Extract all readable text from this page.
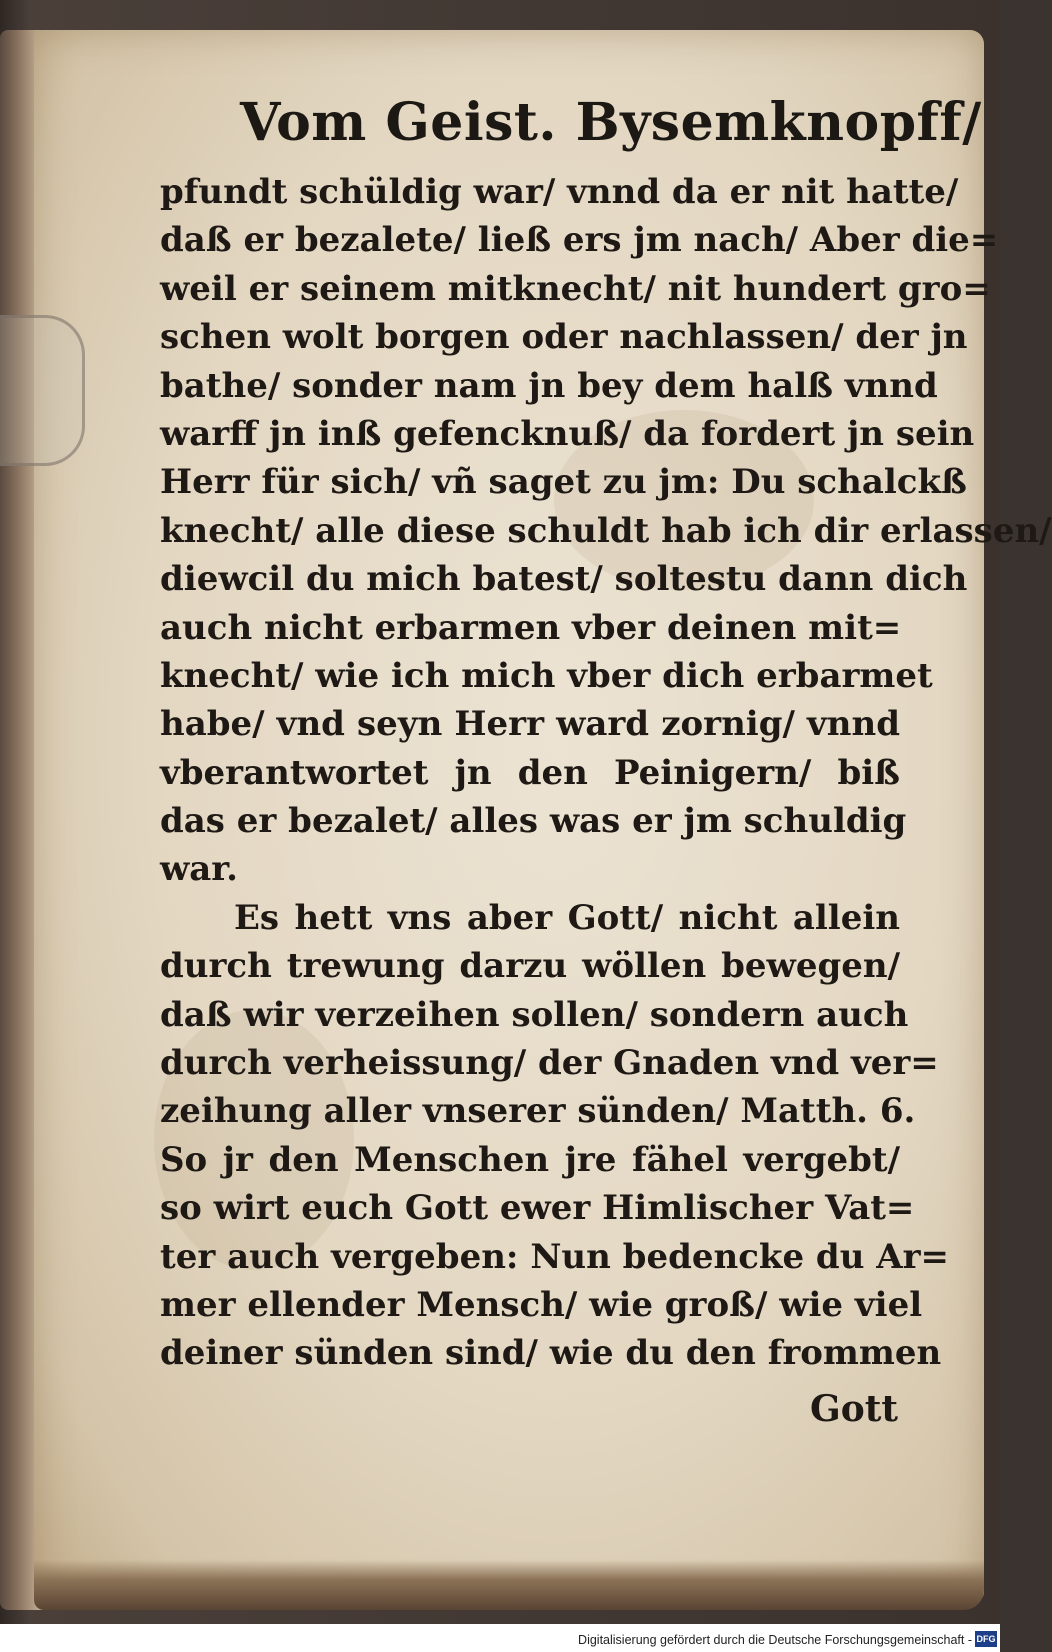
Vom Geist. Bysemknopff/
pfundt schüldig war/ vnnd da er nit hatte/
daß er bezalete/ ließ ers jm nach/ Aber die=
weil er seinem mitknecht/ nit hundert gro=
schen wolt borgen oder nachlassen/ der jn
bathe/ sonder nam jn bey dem halß vnnd
warff jn inß gefencknuß/ da fordert jn sein
Herr für sich/ vñ saget zu jm: Du schalckß
knecht/ alle diese schuldt hab ich dir erlassen/
diewcil du mich batest/ soltestu dann dich
auch nicht erbarmen vber deinen mit=
knecht/ wie ich mich vber dich erbarmet
habe/ vnd seyn Herr ward zornig/ vnnd
vberantwortet jn den Peinigern/ biß
das er bezalet/ alles was er jm schuldig
war.
Es hett vns aber Gott/ nicht allein
durch trewung darzu wöllen bewegen/
daß wir verzeihen sollen/ sondern auch
durch verheissung/ der Gnaden vnd ver=
zeihung aller vnserer sünden/ Matth. 6.
So jr den Menschen jre fähel vergebt/
so wirt euch Gott ewer Himlischer Vat=
ter auch vergeben: Nun bedencke du Ar=
mer ellender Mensch/ wie groß/ wie viel
deiner sünden sind/ wie du den frommen
Gott
Digitalisierung gefördert durch die Deutsche Forschungsgemeinschaft - DFG
